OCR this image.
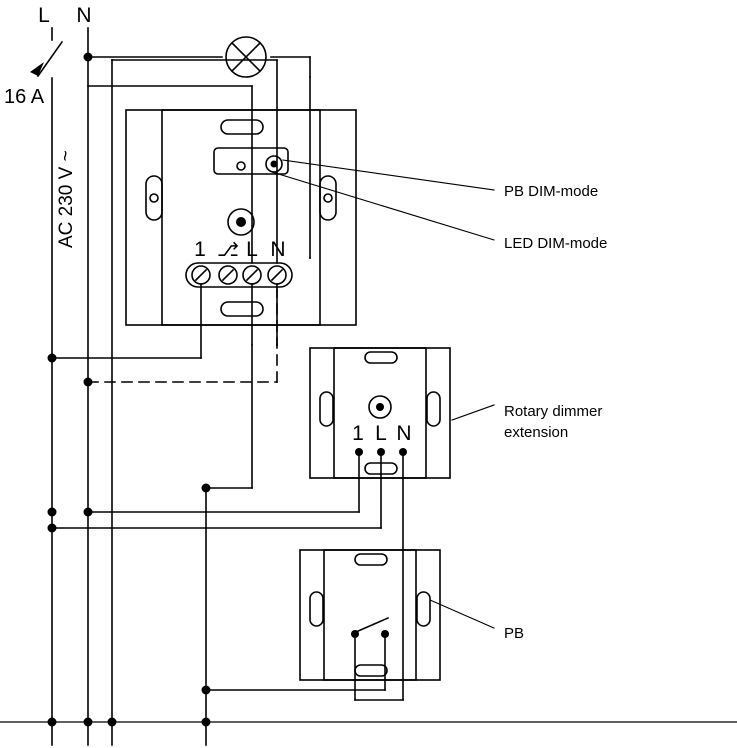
L N
16 A
AC 230 V ~
1 ⎇ L N
1 L N
PB DIM-mode
LED DIM-mode
Rotary dimmer
extension
PB
